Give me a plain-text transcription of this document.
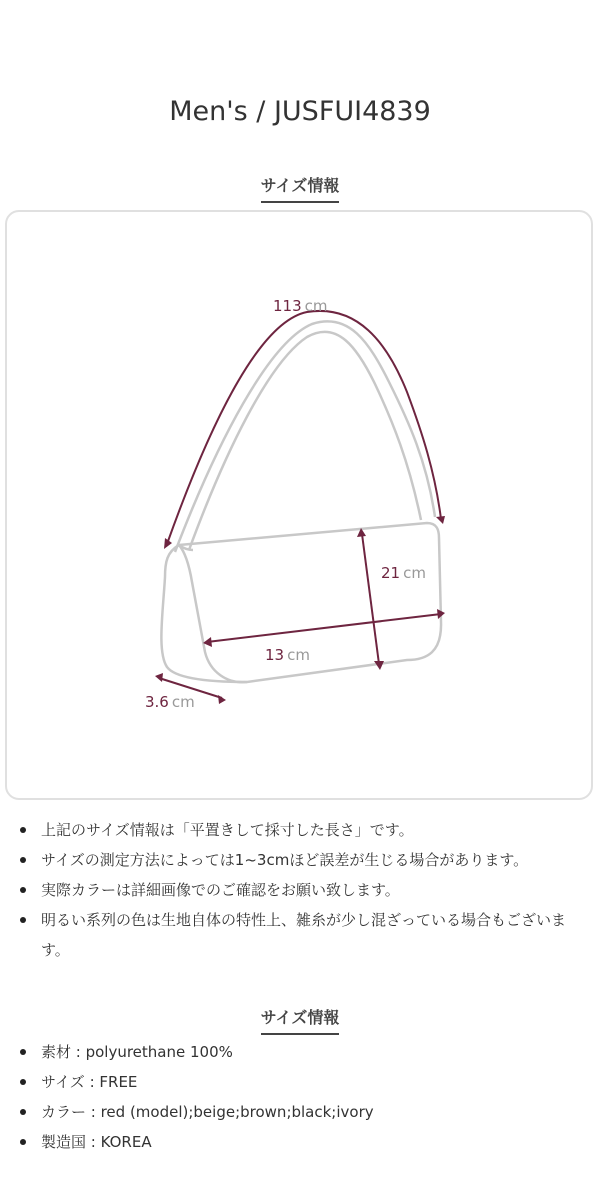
Men's / JUSFUI4839
サイズ情報
113 cm
21 cm
13 cm
3.6 cm
上記のサイズ情報は「平置きして採寸した長さ」です。
サイズの測定方法によっては1~3cmほど誤差が生じる場合があります。
実際カラーは詳細画像でのご確認をお願い致します。
明るい系列の色は生地自体の特性上、雑糸が少し混ざっている場合もございます。
サイズ情報
素材 : polyurethane 100%
サイズ : FREE
カラー : red (model);beige;brown;black;ivory
製造国 : KOREA
